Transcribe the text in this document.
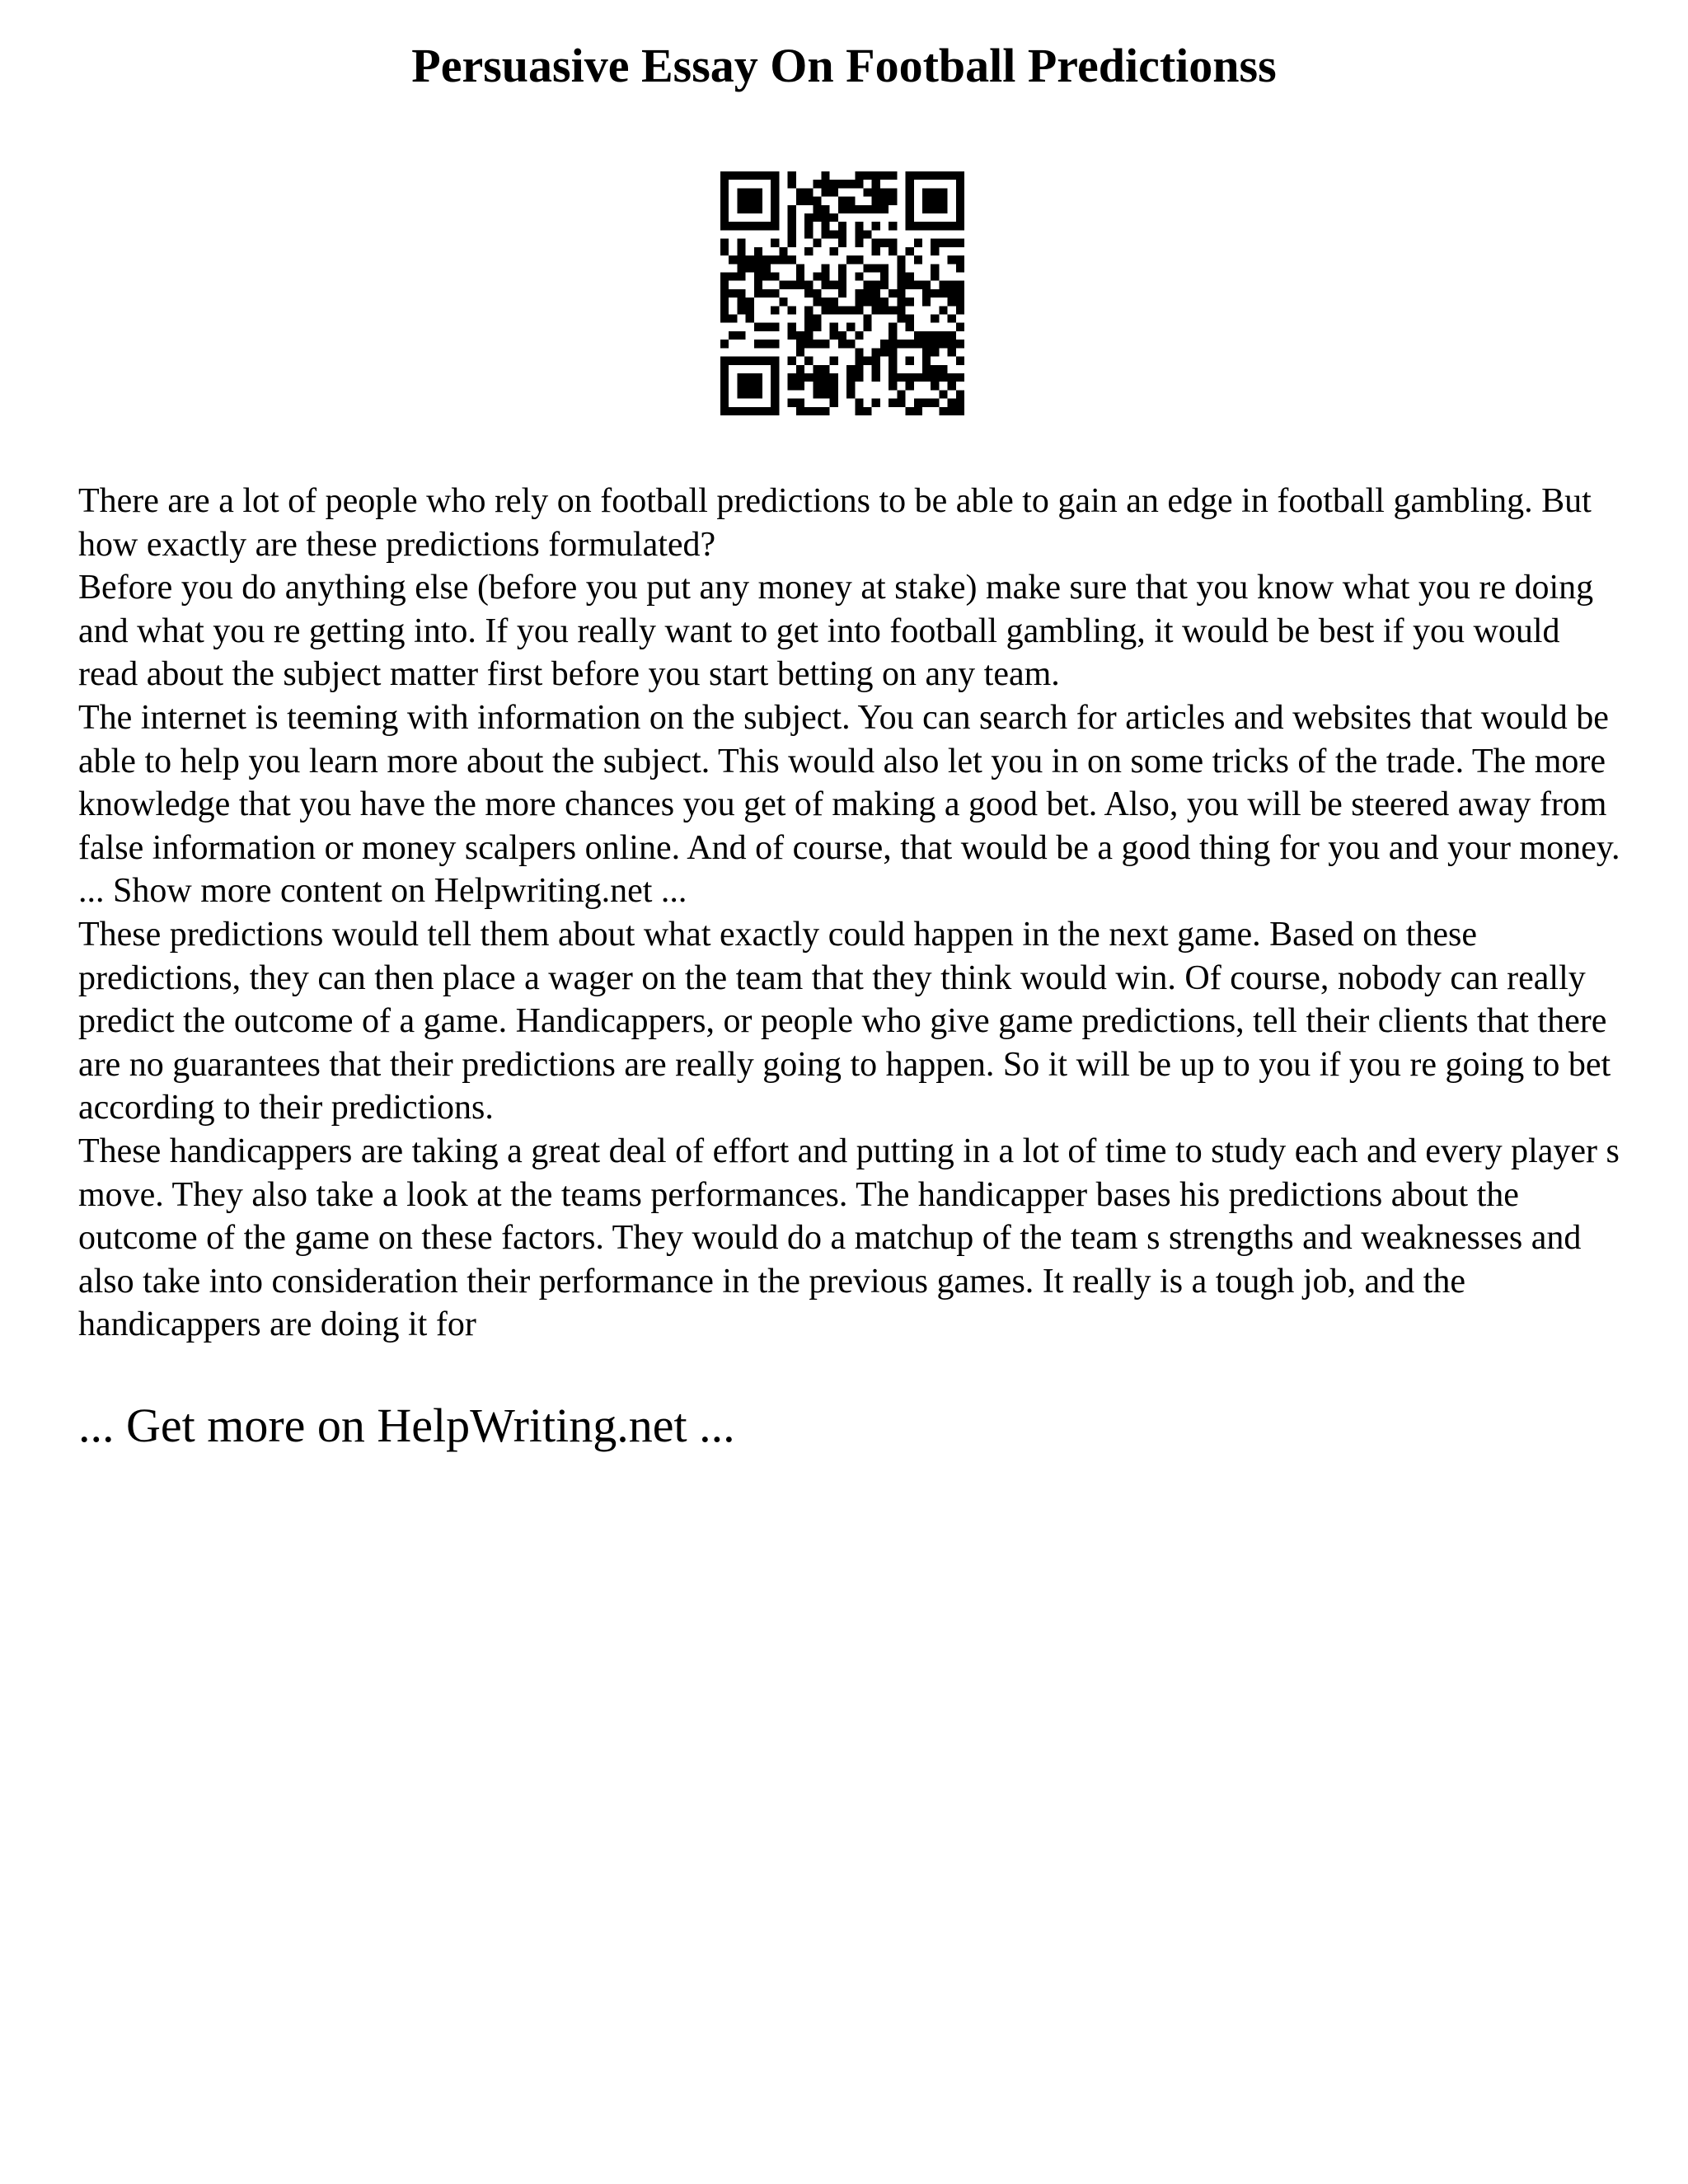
Persuasive Essay On Football Predictionss

There are a lot of people who rely on football predictions to be able to gain an edge in football gambling. But how exactly are these predictions formulated?

Before you do anything else (before you put any money at stake) make sure that you know what you re doing and what you re getting into. If you really want to get into football gambling, it would be best if you would read about the subject matter first before you start betting on any team.

The internet is teeming with information on the subject. You can search for articles and websites that would be able to help you learn more about the subject. This would also let you in on some tricks of the trade. The more knowledge that you have the more chances you get of making a good bet. Also, you will be steered away from false information or money scalpers online. And of course, that would be a good thing for you and your money. ... Show more content on Helpwriting.net ...

These predictions would tell them about what exactly could happen in the next game. Based on these predictions, they can then place a wager on the team that they think would win. Of course, nobody can really predict the outcome of a game. Handicappers, or people who give game predictions, tell their clients that there are no guarantees that their predictions are really going to happen. So it will be up to you if you re going to bet according to their predictions.

These handicappers are taking a great deal of effort and putting in a lot of time to study each and every player s move. They also take a look at the teams performances. The handicapper bases his predictions about the outcome of the game on these factors. They would do a matchup of the team s strengths and weaknesses and also take into consideration their performance in the previous games. It really is a tough job, and the handicappers are doing it for

... Get more on HelpWriting.net ...
